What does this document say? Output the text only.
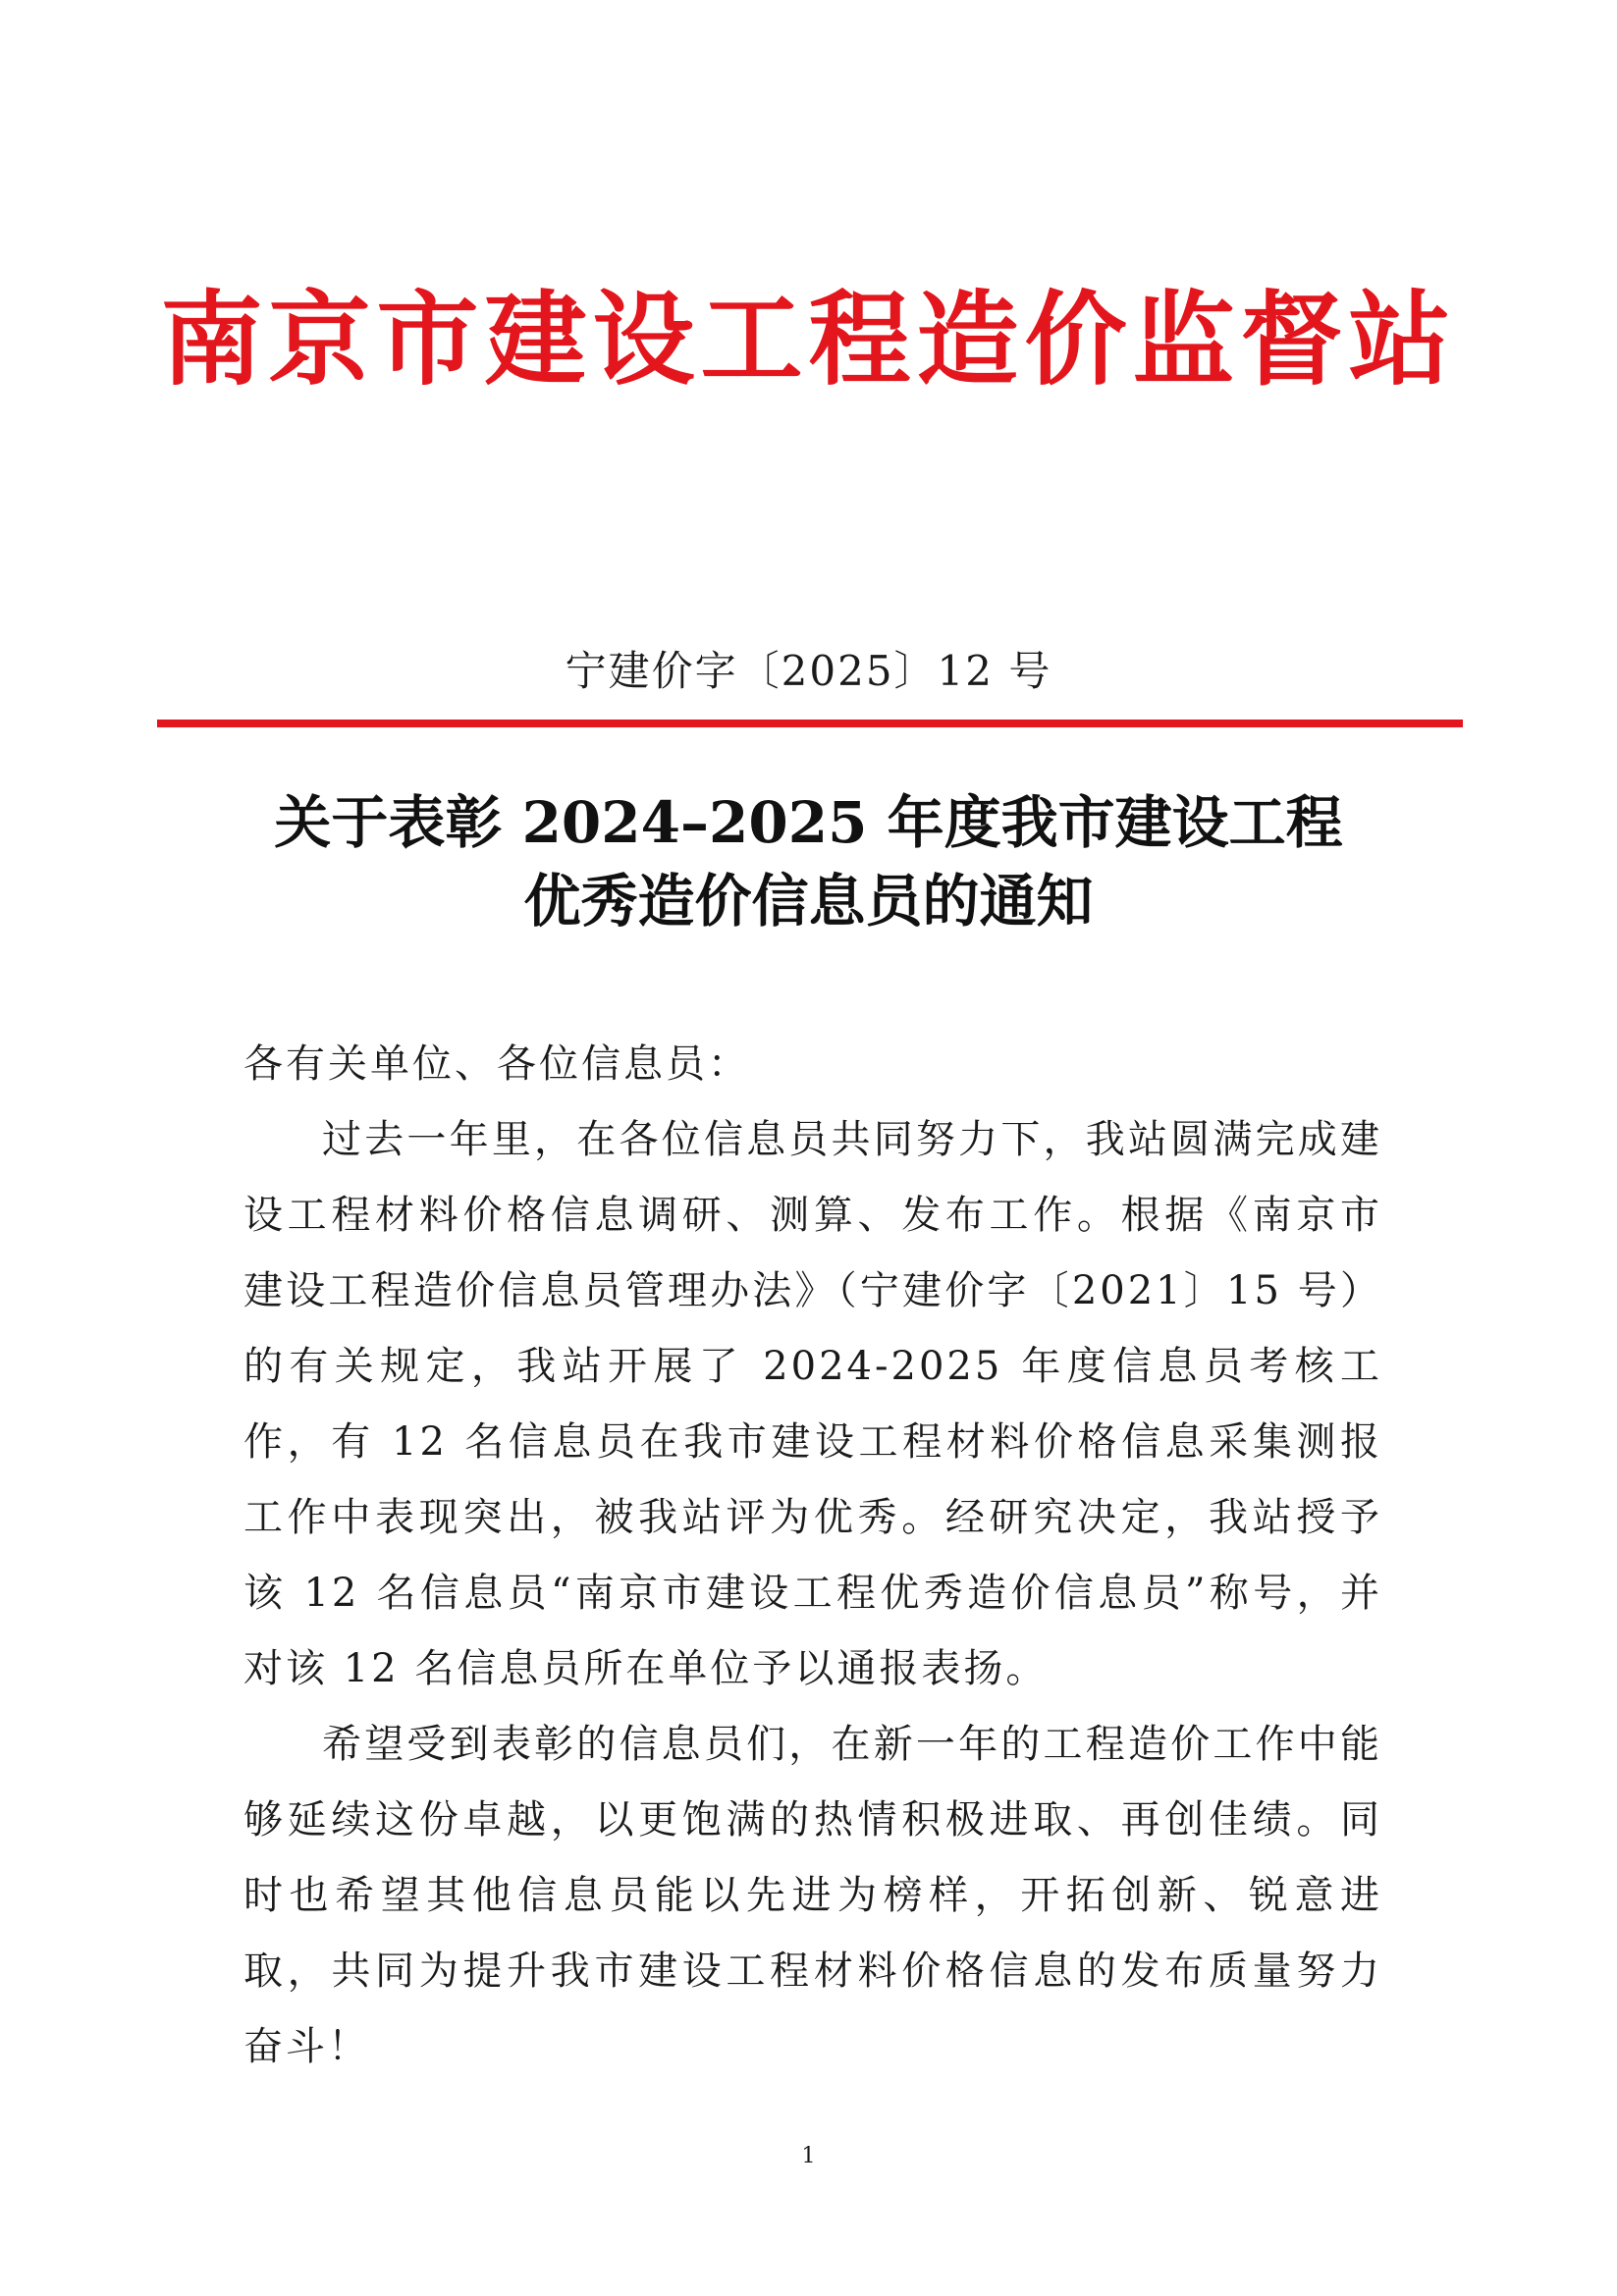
南京市建设工程造价监督站
宁建价字〔2025〕12 号
关于表彰 2024–2025 年度我市建设工程
优秀造价信息员的通知

各有关单位、各位信息员：

过去一年里，在各位信息员共同努力下，我站圆满完成建设工程材料价格信息调研、测算、发布工作。根据《南京市建设工程造价信息员管理办法》（宁建价字〔2021〕15 号）的有关规定，我站开展了 2024-2025 年度信息员考核工作，有 12 名信息员在我市建设工程材料价格信息采集测报工作中表现突出，被我站评为优秀。经研究决定，我站授予该 12 名信息员“南京市建设工程优秀造价信息员”称号，并对该 12 名信息员所在单位予以通报表扬。

希望受到表彰的信息员们，在新一年的工程造价工作中能够延续这份卓越，以更饱满的热情积极进取、再创佳绩。同时也希望其他信息员能以先进为榜样，开拓创新、锐意进取，共同为提升我市建设工程材料价格信息的发布质量努力奋斗！

1
